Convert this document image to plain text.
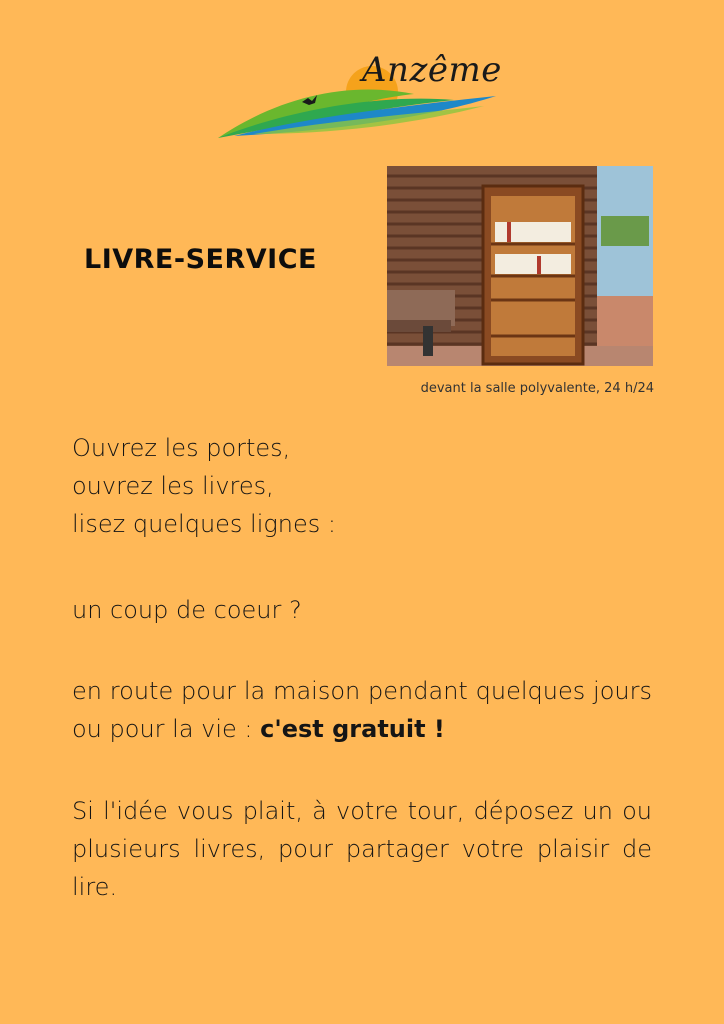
Anzême
LIVRE-SERVICE
devant la salle polyvalente, 24 h/24

Ouvrez les portes,

ouvrez les livres,

lisez quelques lignes :

un coup de coeur ?
en route pour la maison pendant quelques jours ou pour la vie : c'est gratuit !
Si l'idée vous plait, à votre tour, déposez un ou plusieurs livres, pour partager votre plaisir de lire.
